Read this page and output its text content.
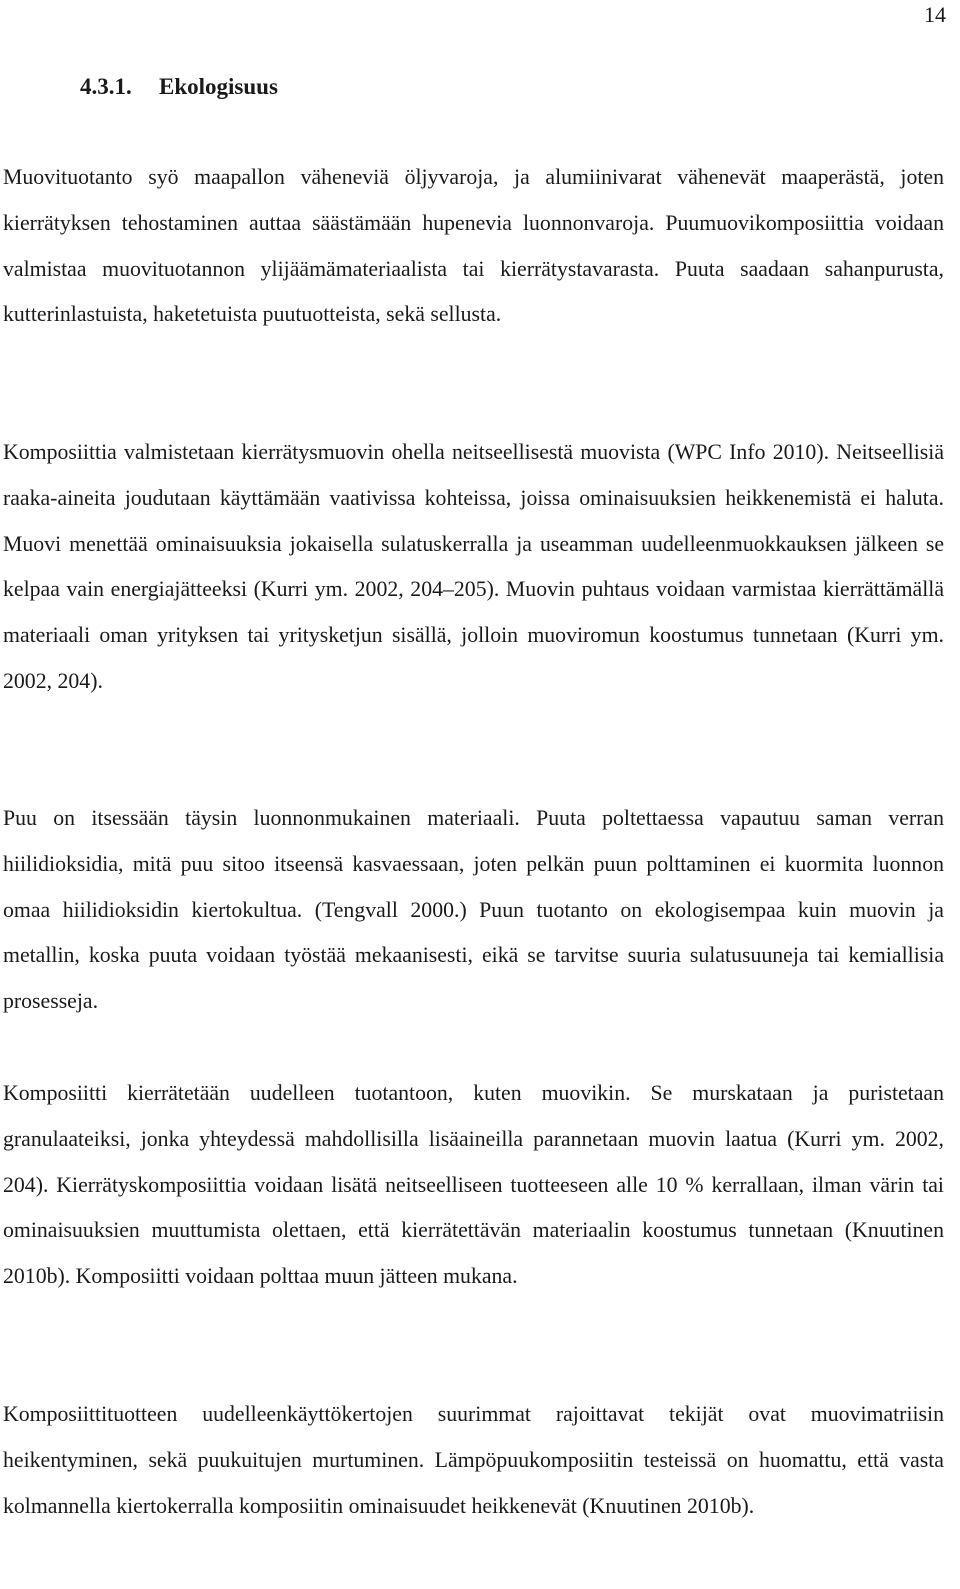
14
4.3.1. Ekologisuus

Muovituotanto syö maapallon väheneviä öljyvaroja, ja alumiinivarat vähenevät maaperästä, joten kierrätyksen tehostaminen auttaa säästämään hupenevia luonnonvaroja. Puumuovikomposiittia voidaan valmistaa muovituotannon ylijäämämateriaalista tai kierrätystavarasta. Puuta saadaan sahanpurusta, kutterinlastuista, haketetuista puutuotteista, sekä sellusta.

Komposiittia valmistetaan kierrätysmuovin ohella neitseellisestä muovista (WPC Info 2010). Neitseellisiä raaka-aineita joudutaan käyttämään vaativissa kohteissa, joissa ominaisuuksien heikkenemistä ei haluta. Muovi menettää ominaisuuksia jokaisella sulatuskerralla ja useamman uudelleenmuokkauksen jälkeen se kelpaa vain energiajätteeksi (Kurri ym. 2002, 204–205). Muovin puhtaus voidaan varmistaa kierrättämällä materiaali oman yrityksen tai yritysketjun sisällä, jolloin muoviromun koostumus tunnetaan (Kurri ym. 2002, 204).

Puu on itsessään täysin luonnonmukainen materiaali. Puuta poltettaessa vapautuu saman verran hiilidioksidia, mitä puu sitoo itseensä kasvaessaan, joten pelkän puun polttaminen ei kuormita luonnon omaa hiilidioksidin kiertokultua. (Tengvall 2000.) Puun tuotanto on ekologisempaa kuin muovin ja metallin, koska puuta voidaan työstää mekaanisesti, eikä se tarvitse suuria sulatusuuneja tai kemiallisia prosesseja.

Komposiitti kierrätetään uudelleen tuotantoon, kuten muovikin. Se murskataan ja puristetaan granulaateiksi, jonka yhteydessä mahdollisilla lisäaineilla parannetaan muovin laatua (Kurri ym. 2002, 204). Kierrätyskomposiittia voidaan lisätä neitseelliseen tuotteeseen alle 10 % kerrallaan, ilman värin tai ominaisuuksien muuttumista olettaen, että kierrätettävän materiaalin koostumus tunnetaan (Knuutinen 2010b). Komposiitti voidaan polttaa muun jätteen mukana.

Komposiittituotteen uudelleenkäyttökertojen suurimmat rajoittavat tekijät ovat muovimatriisin heikentyminen, sekä puukuitujen murtuminen. Lämpöpuukomposiitin testeissä on huomattu, että vasta kolmannella kiertokerralla komposiitin ominaisuudet heikkenevät (Knuutinen 2010b).
